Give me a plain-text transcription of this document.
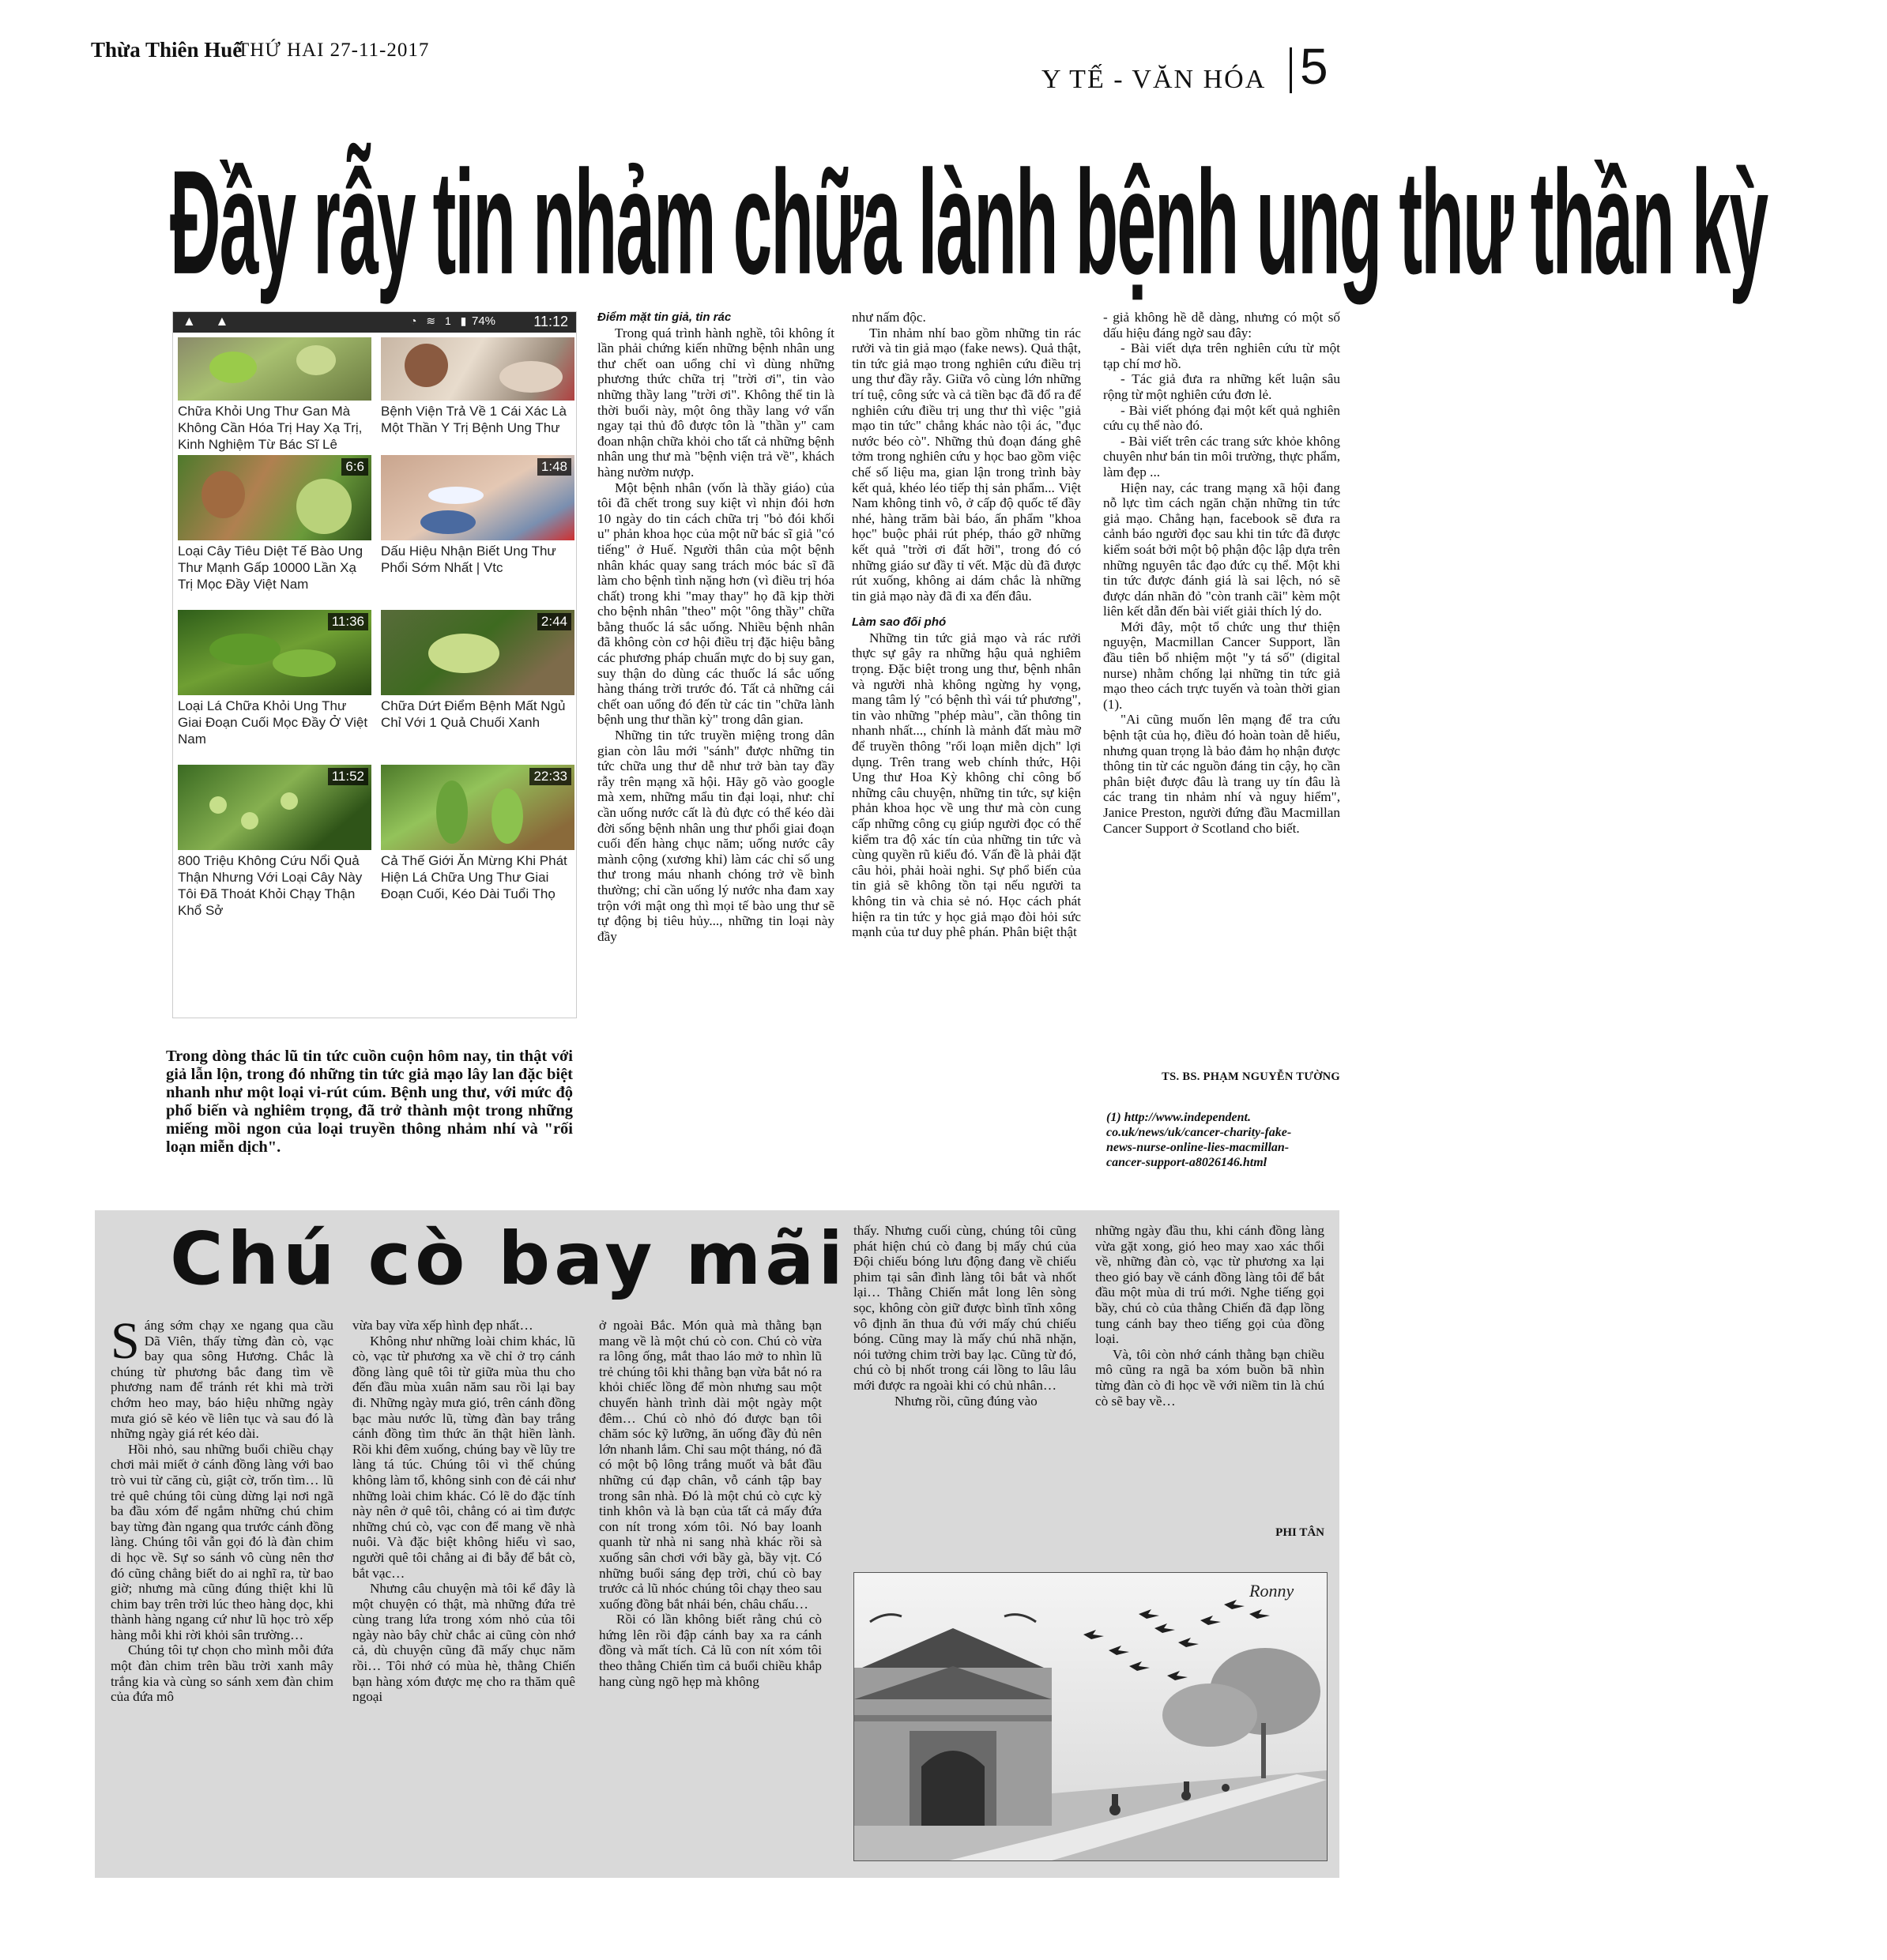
Thừa Thiên Huế
THỨ HAI 27-11-2017
Y TẾ - VĂN HÓA 5
Đầy rẫy tin nhảm chữa lành bệnh ung thư thần kỳ
▲ ▲	◔ ≋ 1 ▮ 74%	11:12
Chữa Khỏi Ung Thư Gan Mà Không Cần Hóa Trị Hay Xạ Trị, Kinh Nghiệm Từ Bác Sĩ Lê
Bệnh Viện Trả Về 1 Cái Xác Là Một Thần Y Trị Bệnh Ung Thư
6:6
Loại Cây Tiêu Diệt Tế Bào Ung Thư Mạnh Gấp 10000 Lần Xạ Trị Mọc Đầy Việt Nam
1:48
Dấu Hiệu Nhận Biết Ung Thư Phổi Sớm Nhất | Vtc
11:36
Loại Lá Chữa Khỏi Ung Thư Giai Đoạn Cuối Mọc Đầy Ở Việt Nam
2:44
Chữa Dứt Điểm Bệnh Mất Ngủ Chỉ Với 1 Quả Chuối Xanh
11:52
800 Triệu Không Cứu Nổi Quả Thận Nhưng Với Loại Cây Này Tôi Đã Thoát Khỏi Chạy Thận Khổ Sở
22:33
Cả Thế Giới Ăn Mừng Khi Phát Hiện Lá Chữa Ung Thư Giai Đoạn Cuối, Kéo Dài Tuổi Thọ
Trong dòng thác lũ tin tức cuồn cuộn hôm nay, tin thật với giả lẫn lộn, trong đó những tin tức giả mạo lây lan đặc biệt nhanh như một loại vi-rút cúm. Bệnh ung thư, với mức độ phổ biến và nghiêm trọng, đã trở thành một trong những miếng mồi ngon của loại truyền thông nhảm nhí và "rối loạn miễn dịch".

Điểm mặt tin giả, tin rác

Trong quá trình hành nghề, tôi không ít lần phải chứng kiến những bệnh nhân ung thư chết oan uổng chỉ vì dùng những phương thức chữa trị "trời ơi", tin vào những thầy lang "trời ơi". Không thể tin là thời buổi này, một ông thầy lang vớ vẩn ngay tại thủ đô được tôn là "thần y" cam đoan nhận chữa khỏi cho tất cả những bệnh nhân ung thư mà "bệnh viện trả về", khách hàng nườm nượp.

Một bệnh nhân (vốn là thầy giáo) của tôi đã chết trong suy kiệt vì nhịn đói hơn 10 ngày do tin cách chữa trị "bỏ đói khối u" phản khoa học của một nữ bác sĩ giả "có tiếng" ở Huế. Người thân của một bệnh nhân khác quay sang trách móc bác sĩ đã làm cho bệnh tình nặng hơn (vì điều trị hóa chất) trong khi "may thay" họ đã kịp thời cho bệnh nhân "theo" một "ông thầy" chữa bằng thuốc lá sắc uống. Nhiều bệnh nhân đã không còn cơ hội điều trị đặc hiệu bằng các phương pháp chuẩn mực do bị suy gan, suy thận do dùng các thuốc lá sắc uống hàng tháng trời trước đó. Tất cả những cái chết oan uổng đó đến từ các tin "chữa lành bệnh ung thư thần kỳ" trong dân gian.

Những tin tức truyền miệng trong dân gian còn lâu mới "sánh" được những tin tức chữa ung thư dễ như trở bàn tay đầy rẫy trên mạng xã hội. Hãy gõ vào google mà xem, những mẩu tin đại loại, như: chỉ cần uống nước cất là đủ đực có thể kéo dài đời sống bệnh nhân ung thư phổi giai đoạn cuối đến hàng chục năm; uống nước cây mành cộng (xương khỉ) làm các chỉ số ung thư trong máu nhanh chóng trở về bình thường; chỉ cần uống lý nước nha đam xay trộn với mật ong thì mọi tế bào ung thư sẽ tự động bị tiêu hủy..., những tin loại này đầy

như nấm độc.

Tin nhảm nhí bao gồm những tin rác rưởi và tin giả mạo (fake news). Quả thật, tin tức giả mạo trong nghiên cứu điều trị ung thư đầy rẫy. Giữa vô cùng lớn những trí tuệ, công sức và cả tiền bạc đã đổ ra để nghiên cứu điều trị ung thư thì việc "giả mạo tin tức" chẳng khác nào tội ác, "đục nước béo cò". Những thủ đoạn đáng ghê tởm trong nghiên cứu y học bao gồm việc chế số liệu ma, gian lận trong trình bày kết quả, khéo léo tiếp thị sản phẩm... Việt Nam không tinh vô, ở cấp độ quốc tế đầy nhé, hàng trăm bài báo, ấn phẩm "khoa học" buộc phải rút phép, tháo gỡ những kết quả "trời ơi đất hỡi", trong đó có những giáo sư đầy tỉ vết. Mặc dù đã được rút xuống, không ai dám chắc là những tin giả mạo này đã đi xa đến đâu.

Làm sao đối phó

Những tin tức giả mạo và rác rưởi thực sự gây ra những hậu quả nghiêm trọng. Đặc biệt trong ung thư, bệnh nhân và người nhà không ngừng hy vọng, mang tâm lý "có bệnh thì vái tứ phương", tin vào những "phép màu", cần thông tin nhanh nhất..., chính là mảnh đất màu mỡ để truyền thông "rối loạn miễn dịch" lợi dụng. Trên trang web chính thức, Hội Ung thư Hoa Kỳ không chỉ công bố những câu chuyện, những tin tức, sự kiện phản khoa học về ung thư mà còn cung cấp những công cụ giúp người đọc có thể kiểm tra độ xác tín của những tin tức và cùng quyền rũ kiểu đó. Vấn đề là phải đặt câu hỏi, phải hoài nghi. Sự phổ biến của tin giả sẽ không tồn tại nếu người ta không tin và chia sẻ nó. Học cách phát hiện ra tin tức y học giả mạo đòi hỏi sức mạnh của tư duy phê phán. Phân biệt thật

- giả không hề dễ dàng, nhưng có một số dấu hiệu đáng ngờ sau đây:

- Bài viết dựa trên nghiên cứu từ một tạp chí mơ hồ.

- Tác giả đưa ra những kết luận sâu rộng từ một nghiên cứu đơn lẻ.

- Bài viết phóng đại một kết quả nghiên cứu cụ thể nào đó.

- Bài viết trên các trang sức khỏe không chuyên như bán tin môi trường, thực phẩm, làm đẹp ...

Hiện nay, các trang mạng xã hội đang nỗ lực tìm cách ngăn chặn những tin tức giả mạo. Chẳng hạn, facebook sẽ đưa ra cảnh báo người đọc sau khi tin tức đã được kiểm soát bởi một bộ phận độc lập dựa trên những nguyên tắc đạo đức cụ thể. Một khi tin tức được đánh giá là sai lệch, nó sẽ được dán nhãn đỏ "còn tranh cãi" kèm một liên kết dẫn đến bài viết giải thích lý do.

Mới đây, một tổ chức ung thư thiện nguyện, Macmillan Cancer Support, lần đầu tiên bổ nhiệm một "y tá số" (digital nurse) nhằm chống lại những tin tức giả mạo theo cách trực tuyến và toàn thời gian (1).

"Ai cũng muốn lên mạng để tra cứu bệnh tật của họ, điều đó hoàn toàn dễ hiểu, nhưng quan trọng là bảo đảm họ nhận được thông tin từ các nguồn đáng tin cậy, họ cần phân biệt được đâu là trang uy tín đâu là các trang tin nhảm nhí và nguy hiểm", Janice Preston, người đứng đầu Macmillan Cancer Support ở Scotland cho biết.

TS. BS. PHẠM NGUYỄN TƯỜNG
(1) http://www.independent. co.uk/news/uk/cancer-charity-fake-news-nurse-online-lies-macmillan-cancer-support-a8026146.html
Chú cò bay mãi

Sáng sớm chạy xe ngang qua cầu Dã Viên, thấy từng đàn cò, vạc bay qua sông Hương. Chắc là chúng từ phương bắc đang tìm về phương nam để tránh rét khi mà trời chớm heo may, báo hiệu những ngày mưa gió sẽ kéo về liên tục và sau đó là những ngày giá rét kéo dài.

Hồi nhỏ, sau những buổi chiều chạy chơi mải miết ở cánh đồng làng với bao trò vui từ căng cù, giật cờ, trốn tìm… lũ trẻ quê chúng tôi cùng dừng lại nơi ngã ba đầu xóm để ngắm những chú chim bay từng đàn ngang qua trước cánh đồng làng. Chúng tôi vẫn gọi đó là đàn chim di học về. Sự so sánh vô cùng nên thơ đó cũng chẳng biết do ai nghĩ ra, từ bao giờ; nhưng mà cũng đúng thiệt khi lũ chim bay trên trời lúc theo hàng dọc, khi thành hàng ngang cứ như lũ học trò xếp hàng mỗi khi rời khỏi sân trường…

Chúng tôi tự chọn cho mình mỗi đứa một đàn chim trên bầu trời xanh mây trắng kia và cùng so sánh xem đàn chim của đứa mô

vừa bay vừa xếp hình đẹp nhất…

Không như những loài chim khác, lũ cò, vạc từ phương xa về chỉ ở trọ cánh đồng làng quê tôi từ giữa mùa thu cho đến đầu mùa xuân năm sau rồi lại bay đi. Những ngày mưa gió, trên cánh đồng bạc màu nước lũ, từng đàn bay trắng cánh đồng tìm thức ăn thật hiền lành. Rồi khi đêm xuống, chúng bay về lũy tre làng tá túc. Chúng tôi vì thế chúng không làm tổ, không sinh con đẻ cái như những loài chim khác. Có lẽ do đặc tính này nên ở quê tôi, chẳng có ai tìm được những chú cò, vạc con để mang về nhà nuôi. Và đặc biệt không hiểu vì sao, người quê tôi chẳng ai đi bẫy để bắt cò, bắt vạc…

Nhưng câu chuyện mà tôi kể đây là một chuyện có thật, mà những đứa trẻ cùng trang lứa trong xóm nhỏ của tôi ngày nào bây chừ chắc ai cũng còn nhớ cả, dù chuyện cũng đã mấy chục năm rồi… Tôi nhớ có mùa hè, thằng Chiến bạn hàng xóm được mẹ cho ra thăm quê ngoại

ở ngoài Bắc. Món quà mà thằng bạn mang về là một chú cò con. Chú cò vừa ra lông ống, mắt thao láo mở to nhìn lũ trẻ chúng tôi khi thằng bạn vừa bắt nó ra khỏi chiếc lồng để mòn nhưng sau một chuyến hành trình dài một ngày một đêm… Chú cò nhỏ đó được bạn tôi chăm sóc kỹ lưỡng, ăn uống đầy đủ nên lớn nhanh lắm. Chỉ sau một tháng, nó đã có một bộ lông trắng muốt và bắt đầu những cú đạp chân, vỗ cánh tập bay trong sân nhà. Đó là một chú cò cực kỳ tinh khôn và là bạn của tất cả mấy đứa con nít trong xóm tôi. Nó bay loanh quanh từ nhà ni sang nhà khác rồi sà xuống sân chơi với bầy gà, bầy vịt. Có những buổi sáng đẹp trời, chú cò bay trước cả lũ nhóc chúng tôi chạy theo sau xuống đồng bắt nhái bén, châu chấu…

Rồi có lần không biết rằng chú cò hứng lên rồi đập cánh bay xa ra cánh đồng và mất tích. Cả lũ con nít xóm tôi theo thằng Chiến tìm cả buổi chiều khắp hang cùng ngõ hẹp mà không

thấy. Nhưng cuối cùng, chúng tôi cũng phát hiện chú cò đang bị mấy chú của Đội chiếu bóng lưu động đang về chiếu phim tại sân đình làng tôi bắt và nhốt lại… Thằng Chiến mắt long lên sòng sọc, không còn giữ được bình tĩnh xông vô định ăn thua đủ với mấy chú chiếu bóng. Cũng may là mấy chú nhã nhặn, nói tưởng chim trời bay lạc. Cũng từ đó, chú cò bị nhốt trong cái lồng to lâu lâu mới được ra ngoài khi có chủ nhân…

Nhưng rồi, cũng đúng vào

những ngày đầu thu, khi cánh đồng làng vừa gặt xong, gió heo may xao xác thổi về, những đàn cò, vạc từ phương xa lại theo gió bay về cánh đồng làng tôi để bắt đầu một mùa di trú mới. Nghe tiếng gọi bầy, chú cò của thằng Chiến đã đạp lồng tung cánh bay theo tiếng gọi của đồng loại.

Và, tôi còn nhớ cánh thằng bạn chiều mô cũng ra ngã ba xóm buồn bã nhìn từng đàn cò đi học về với niềm tin là chú cò sẽ bay về…

PHI TÂN
Ronny
